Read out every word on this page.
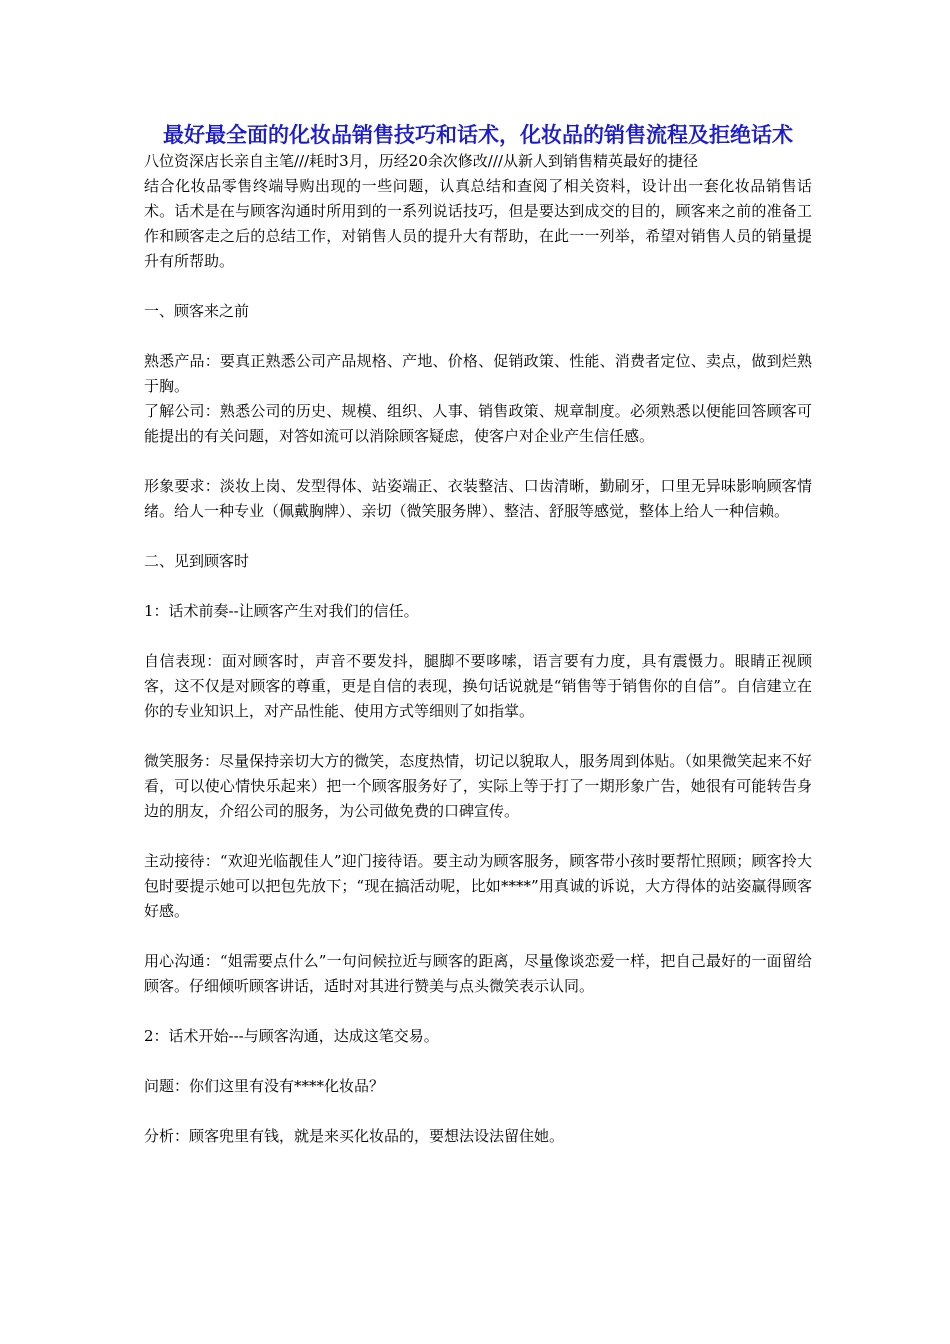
最好最全面的化妆品销售技巧和话术，化妆品的销售流程及拒绝话术

八位资深店长亲自主笔///耗时3月，历经20余次修改///从新人到销售精英最好的捷径

结合化妆品零售终端导购出现的一些问题，认真总结和查阅了相关资料，设计出一套化妆品销售话术。话术是在与顾客沟通时所用到的一系列说话技巧，但是要达到成交的目的，顾客来之前的准备工作和顾客走之后的总结工作，对销售人员的提升大有帮助，在此一一列举，希望对销售人员的销量提升有所帮助。

一、顾客来之前

熟悉产品：要真正熟悉公司产品规格、产地、价格、促销政策、性能、消费者定位、卖点，做到烂熟于胸。

了解公司：熟悉公司的历史、规模、组织、人事、销售政策、规章制度。必须熟悉以便能回答顾客可能提出的有关问题，对答如流可以消除顾客疑虑，使客户对企业产生信任感。

形象要求：淡妆上岗、发型得体、站姿端正、衣装整洁、口齿清晰，勤刷牙，口里无异味影响顾客情绪。给人一种专业（佩戴胸牌）、亲切（微笑服务牌）、整洁、舒服等感觉，整体上给人一种信赖。

二、见到顾客时

1：话术前奏--让顾客产生对我们的信任。

自信表现：面对顾客时，声音不要发抖，腿脚不要哆嗦，语言要有力度，具有震慑力。眼睛正视顾客，这不仅是对顾客的尊重，更是自信的表现，换句话说就是“销售等于销售你的自信”。自信建立在你的专业知识上，对产品性能、使用方式等细则了如指掌。

微笑服务：尽量保持亲切大方的微笑，态度热情，切记以貌取人，服务周到体贴。（如果微笑起来不好看，可以使心情快乐起来）把一个顾客服务好了，实际上等于打了一期形象广告，她很有可能转告身边的朋友，介绍公司的服务，为公司做免费的口碑宣传。

主动接待：“欢迎光临靓佳人”迎门接待语。要主动为顾客服务，顾客带小孩时要帮忙照顾；顾客拎大包时要提示她可以把包先放下；“现在搞活动呢，比如****”用真诚的诉说，大方得体的站姿赢得顾客好感。

用心沟通：“姐需要点什么”一句问候拉近与顾客的距离，尽量像谈恋爱一样，把自己最好的一面留给顾客。仔细倾听顾客讲话，适时对其进行赞美与点头微笑表示认同。

2：话术开始---与顾客沟通，达成这笔交易。

问题：你们这里有没有****化妆品？

分析：顾客兜里有钱，就是来买化妆品的，要想法设法留住她。
